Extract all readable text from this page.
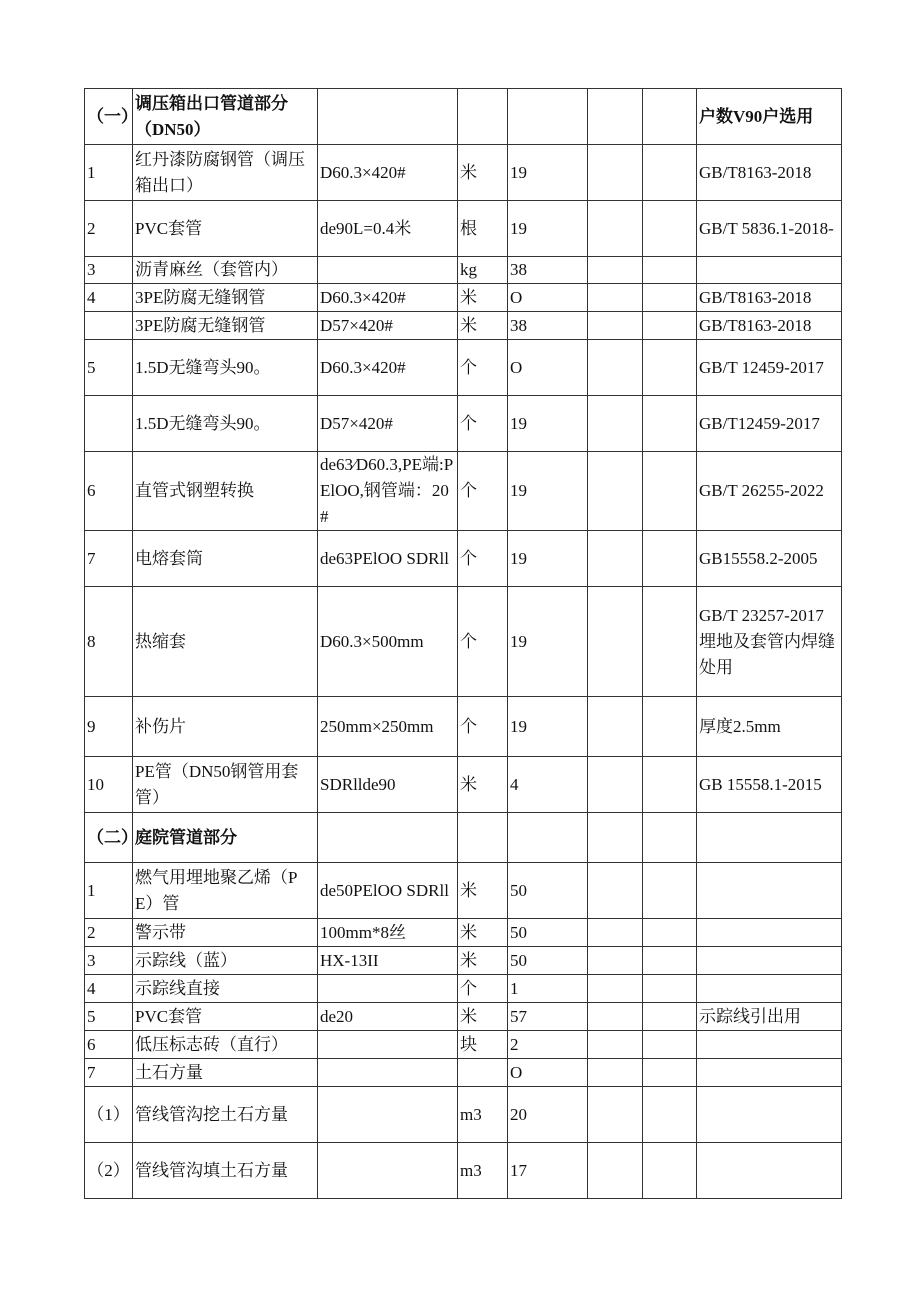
（一）	调压箱出口管道部分（DN50）						户数V90户选用
1	红丹漆防腐钢管（调压箱出口）	D60.3×420#	米	19			GB/T8163-2018
2	PVC套管	de90L=0.4米	根	19			GB/T 5836.1-2018-
3	沥青麻丝（套管内）		kg	38			
4	3PE防腐无缝钢管	D60.3×420#	米	O			GB/T8163-2018
	3PE防腐无缝钢管	D57×420#	米	38			GB/T8163-2018
5	1.5D无缝弯头90。	D60.3×420#	个	O			GB/T 12459-2017
	1.5D无缝弯头90。	D57×420#	个	19			GB/T12459-2017
6	直管式钢塑转换	de63∕D60.3,PE端:PElOO,钢管端：20#	个	19			GB/T 26255-2022
7	电熔套筒	de63PElOO SDRll	个	19			GB15558.2-2005
8	热缩套	D60.3×500mm	个	19			GB/T 23257-2017埋地及套管内焊缝处用
9	补伤片	250mm×250mm	个	19			厚度2.5mm
10	PE管（DN50钢管用套管）	SDRllde90	米	4			GB 15558.1-2015
（二）	庭院管道部分						
1	燃气用埋地聚乙烯（PE）管	de50PElOO SDRll	米	50			
2	警示带	100mm*8丝	米	50			
3	示踪线（蓝）	HX-13II	米	50			
4	示踪线直接		个	1			
5	PVC套管	de20	米	57			示踪线引出用
6	低压标志砖（直行）		块	2			
7	土石方量			O			
（1）	管线管沟挖土石方量		m3	20			
（2）	管线管沟填土石方量		m3	17			
